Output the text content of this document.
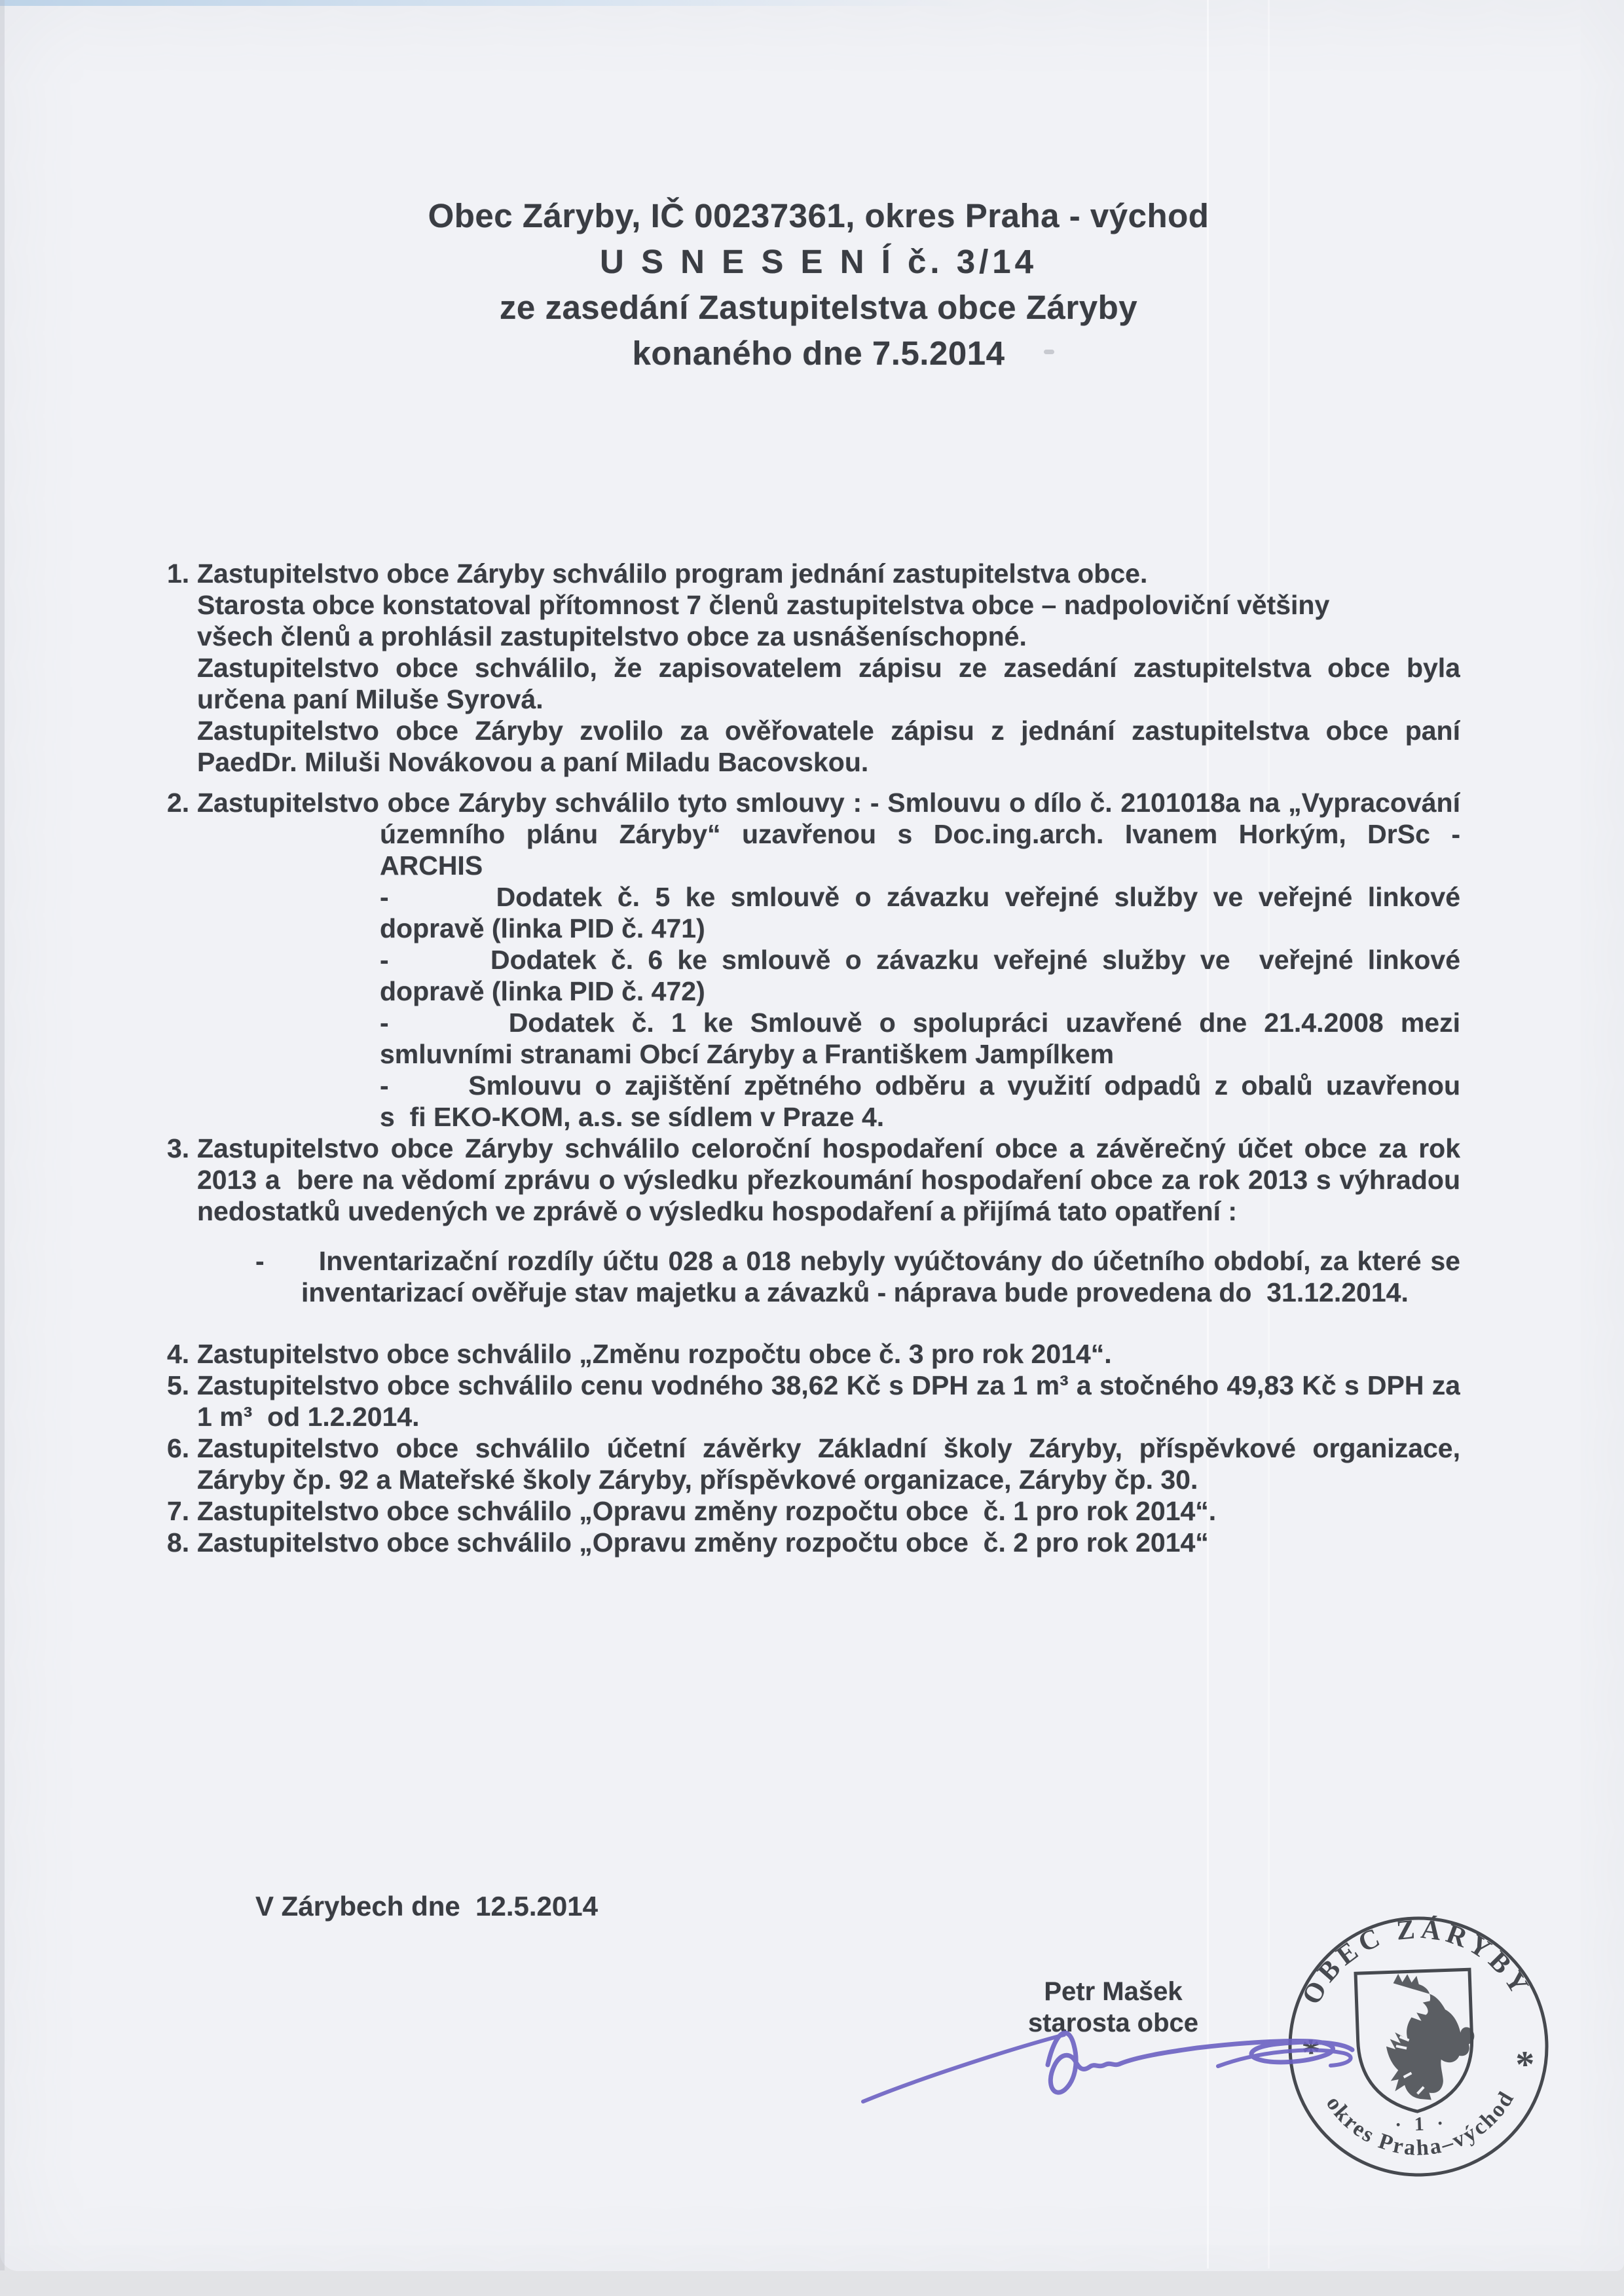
Obec Záryby, IČ 00237361, okres Praha - východ
U S N E S E N Í č. 3/14
ze zasedání Zastupitelstva obce Záryby
konaného dne 7.5.2014
1. Zastupitelstvo obce Záryby schválilo program jednání zastupitelstva obce.
Starosta obce konstatoval přítomnost 7 členů zastupitelstva obce – nadpoloviční většiny
všech členů a prohlásil zastupitelstvo obce za usnášeníschopné.
Zastupitelstvo obce schválilo, že zapisovatelem zápisu ze zasedání zastupitelstva obce byla
určena paní Miluše Syrová.
Zastupitelstvo obce Záryby zvolilo za ověřovatele zápisu z jednání zastupitelstva obce paní
PaedDr. Miluši Novákovou a paní Miladu Bacovskou.
2. Zastupitelstvo obce Záryby schválilo tyto smlouvy : - Smlouvu o dílo č. 2101018a na „Vypracování
územního plánu Záryby“ uzavřenou s Doc.ing.arch. Ivanem Horkým, DrSc -
ARCHIS
-       Dodatek č. 5 ke smlouvě o závazku veřejné služby ve veřejné linkové
dopravě (linka PID č. 471)
-       Dodatek č. 6 ke smlouvě o závazku veřejné služby ve  veřejné linkové
dopravě (linka PID č. 472)
-       Dodatek č. 1 ke Smlouvě o spolupráci uzavřené dne 21.4.2008 mezi
smluvními stranami Obcí Záryby a Františkem Jampílkem
-      Smlouvu o zajištění zpětného odběru a využití odpadů z obalů uzavřenou
s  fi EKO-KOM, a.s. se sídlem v Praze 4.
3. Zastupitelstvo obce Záryby schválilo celoroční hospodaření obce a závěrečný účet obce za rok
2013 a  bere na vědomí zprávu o výsledku přezkoumání hospodaření obce za rok 2013 s výhradou
nedostatků uvedených ve zprávě o výsledku hospodaření a přijímá tato opatření :
-      Inventarizační rozdíly účtu 028 a 018 nebyly vyúčtovány do účetního období, za které se
inventarizací ověřuje stav majetku a závazků - náprava bude provedena do  31.12.2014.
4. Zastupitelstvo obce schválilo „Změnu rozpočtu obce č. 3 pro rok 2014“.
5. Zastupitelstvo obce schválilo cenu vodného 38,62 Kč s DPH za 1 m³ a stočného 49,83 Kč s DPH za
1 m³  od 1.2.2014.
6. Zastupitelstvo obce schválilo účetní závěrky Základní školy Záryby, příspěvkové organizace,
Záryby čp. 92 a Mateřské školy Záryby, příspěvkové organizace, Záryby čp. 30.
7. Zastupitelstvo obce schválilo „Opravu změny rozpočtu obce  č. 1 pro rok 2014“.
8. Zastupitelstvo obce schválilo „Opravu změny rozpočtu obce  č. 2 pro rok 2014“
V Zárybech dne  12.5.2014
Petr Mašek
starosta obce
OBEC ZÁRYBY
okres Praha–východ
*	*
· 1 ·
